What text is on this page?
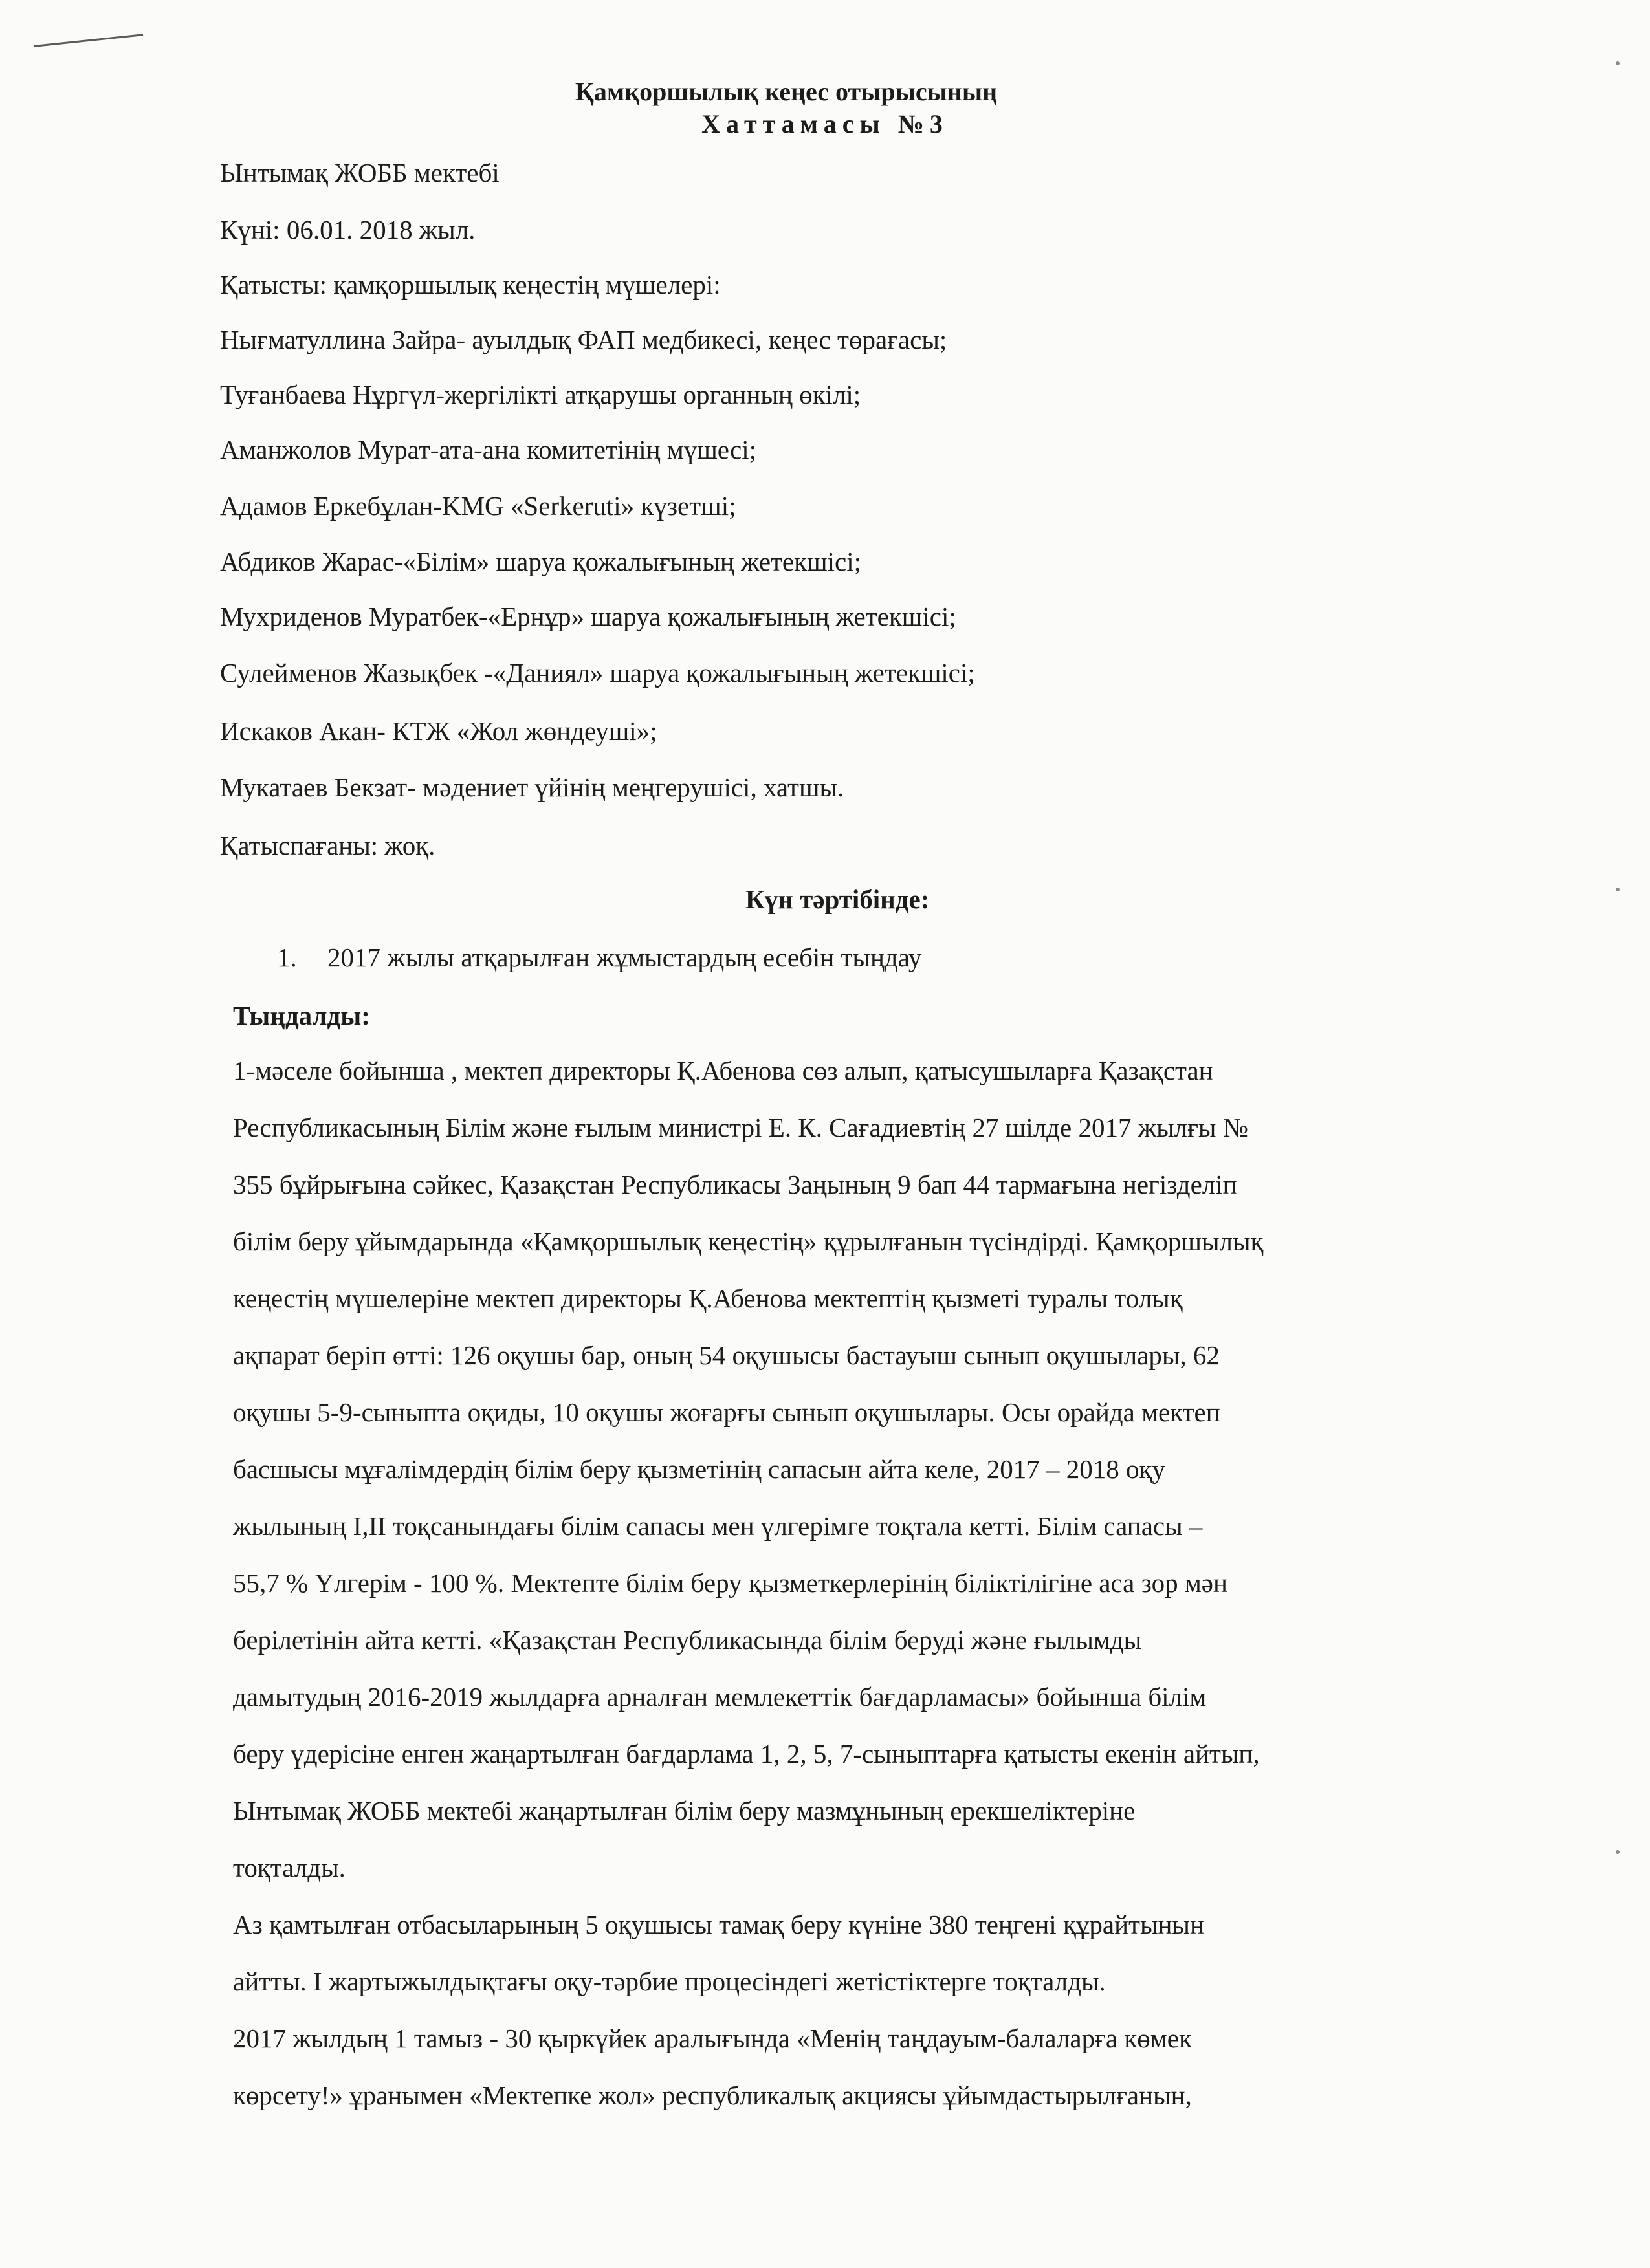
Қамқоршылық кеңес отырысының
Хаттамасы №3
Ынтымақ ЖОББ мектебі
Күні: 06.01. 2018 жыл.
Қатысты: қамқоршылық кеңестің мүшелері:
Нығматуллина Зайра- ауылдық ФАП медбикесі, кеңес төрағасы;
Туғанбаева Нұргүл-жергілікті атқарушы органның өкілі;
Аманжолов Мурат-ата-ана комитетінің мүшесі;
Адамов Еркебұлан-KMG «Serkeruti» күзетші;
Абдиков Жарас-«Білім» шаруа қожалығының жетекшісі;
Мухриденов Муратбек-«Ернұр» шаруа қожалығының жетекшісі;
Сулейменов Жазықбек -«Даниял» шаруа қожалығының жетекшісі;
Искаков Акан- КТЖ «Жол жөндеуші»;
Мукатаев Бекзат- мәдениет үйінің меңгерушісі, хатшы.
Қатыспағаны: жоқ.
Күн тәртібінде:
1. 2017 жылы атқарылған жұмыстардың есебін тыңдау
Тыңдалды:
1-мәселе бойынша , мектеп директоры Қ.Абенова сөз алып, қатысушыларға Қазақстан
Республикасының Білім және ғылым министрі Е. К. Сағадиевтің 27 шілде 2017 жылғы №
355 бұйрығына сәйкес, Қазақстан Республикасы Заңының 9 бап 44 тармағына негізделіп
білім беру ұйымдарында «Қамқоршылық кеңестің» құрылғанын түсіндірді. Қамқоршылық
кеңестің мүшелеріне мектеп директоры Қ.Абенова мектептің қызметі туралы толық
ақпарат беріп өтті: 126 оқушы бар, оның 54 оқушысы бастауыш сынып оқушылары, 62
оқушы 5-9-сыныпта оқиды, 10 оқушы жоғарғы сынып оқушылары. Осы орайда мектеп
басшысы мұғалімдердің білім беру қызметінің сапасын айта келе, 2017 – 2018 оқу
жылының I,II тоқсанындағы білім сапасы мен үлгерімге тоқтала кетті. Білім сапасы –
55,7 % Үлгерім - 100 %. Мектепте білім беру қызметкерлерінің біліктілігіне аса зор мән
берілетінін айта кетті. «Қазақстан Республикасында білім беруді және ғылымды
дамытудың 2016-2019 жылдарға арналған мемлекеттік бағдарламасы» бойынша білім
беру үдерісіне енген жаңартылған бағдарлама 1, 2, 5, 7-сыныптарға қатысты екенін айтып,
Ынтымақ ЖОББ мектебі жаңартылған білім беру мазмұнының ерекшеліктеріне
тоқталды.
Аз қамтылған отбасыларының 5 оқушысы тамақ беру күніне 380 теңгені құрайтынын
айтты. I жартыжылдықтағы оқу-тәрбие процесіндегі жетістіктерге тоқталды.
2017 жылдың 1 тамыз - 30 қыркүйек аралығында «Менің таңдауым-балаларға көмек
көрсету!» ұранымен «Мектепке жол» республикалық акциясы ұйымдастырылғанын,
